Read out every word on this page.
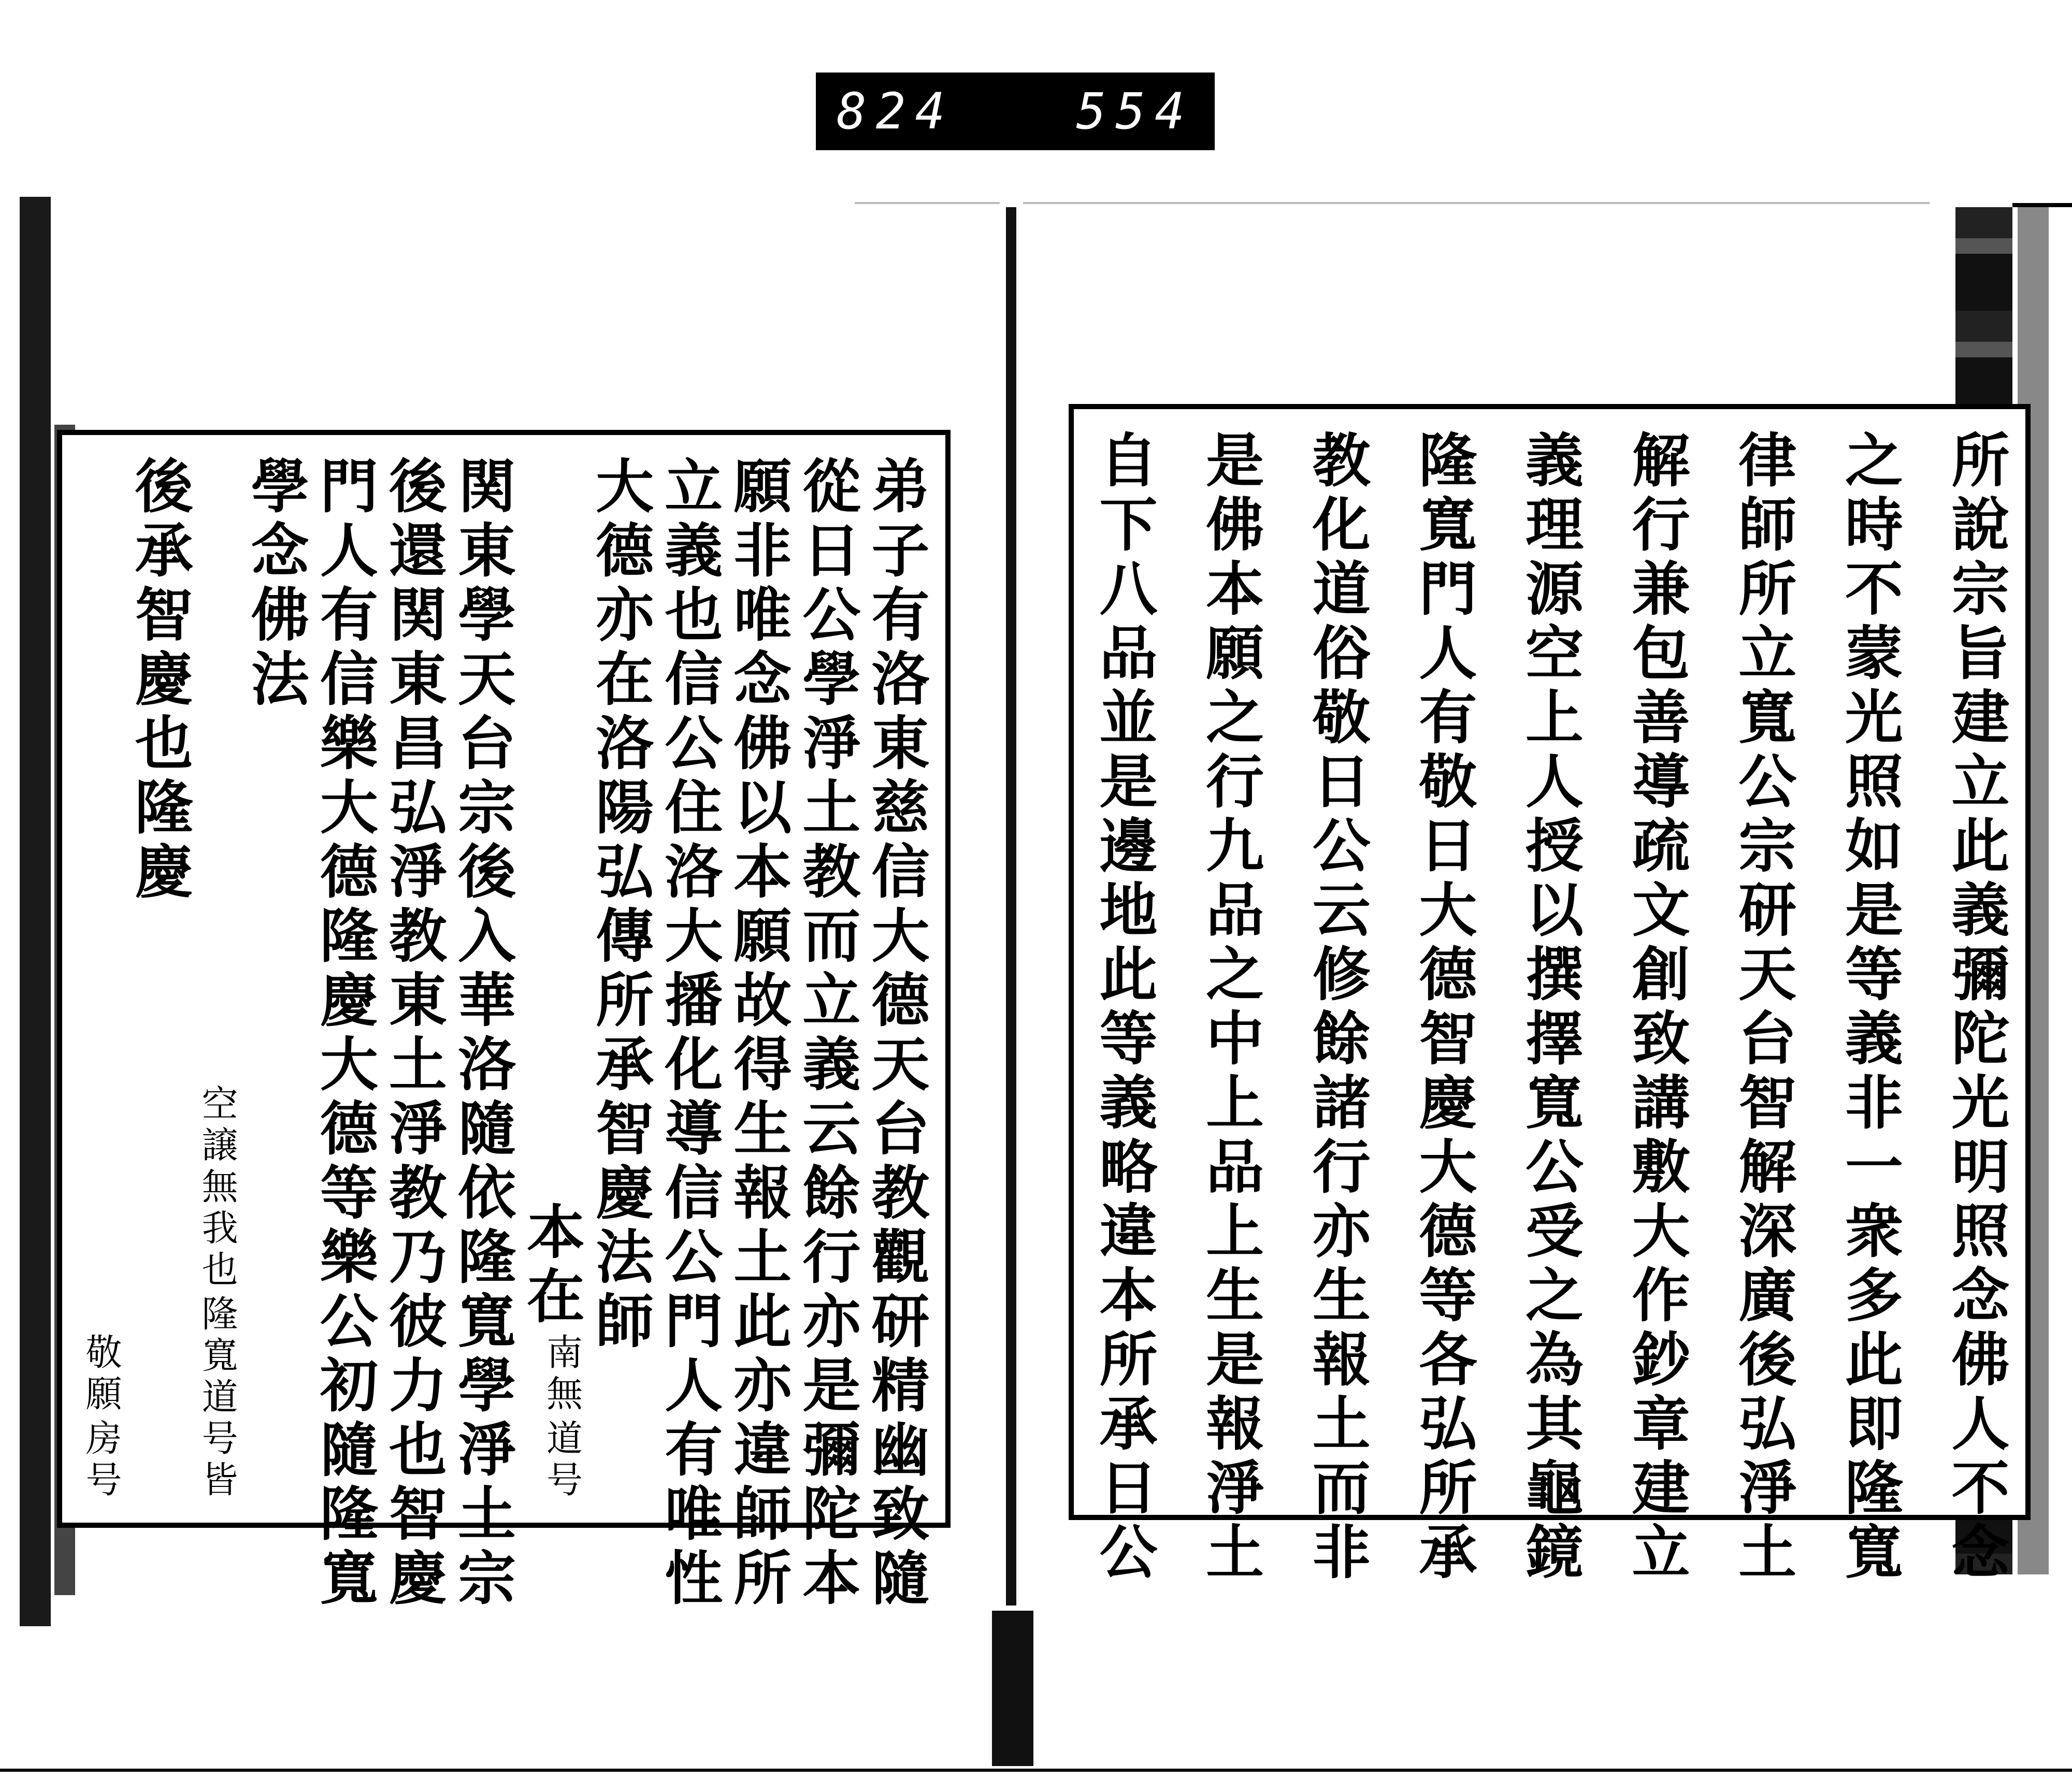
824 554
弟子有洛東慈信大德天台教觀研精幽致隨
從日公學淨土教而立義云餘行亦是彌陀本
願非唯念佛以本願故得生報土此亦違師所
立義也信公住洛大播化導信公門人有唯性
大德亦在洛陽弘傳所承智慶法師
道号
南無
本在
関東學天台宗後入華洛隨依隆寬學淨土宗
後還関東昌弘淨教東土淨教乃彼力也智慶
門人有信樂大德隆慶大德等樂公初隨隆寬
學念佛法
隆寬道号皆
空譲無我也
後承智慶也隆慶
房号
敬願	所說宗旨建立此義彌陀光明照念佛人不念
之時不蒙光照如是等義非一衆多此即隆寬
律師所立寬公宗研天台智解深廣後弘淨土
解行兼包善導疏文創致講敷大作鈔章建立
義理源空上人授以撰擇寬公受之為其龜鏡
隆寬門人有敬日大德智慶大德等各弘所承
教化道俗敬日公云修餘諸行亦生報土而非
是佛本願之行九品之中上品上生是報淨土
自下八品並是邊地此等義略違本所承日公
